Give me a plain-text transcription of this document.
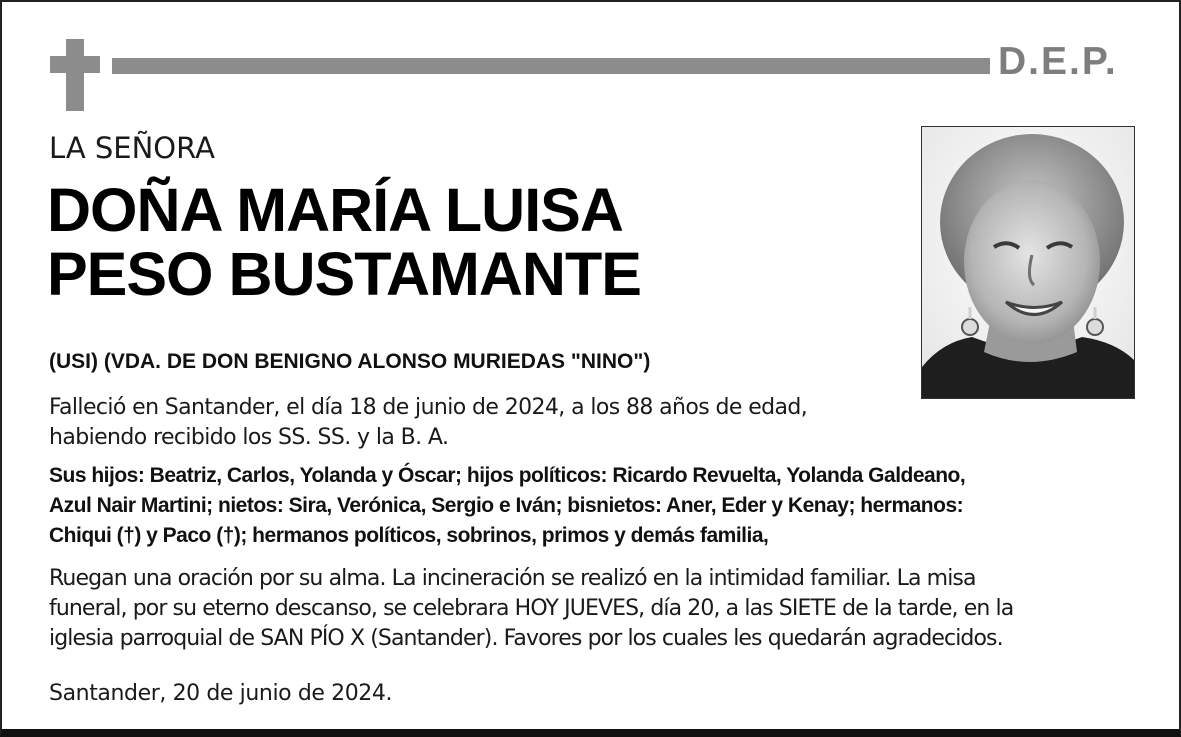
D.E.P.
LA SEÑORA
DOÑA MARÍA LUISA
PESO BUSTAMANTE
(USI) (VDA. DE DON BENIGNO ALONSO MURIEDAS "NINO")
Falleció en Santander, el día 18 de junio de 2024, a los 88 años de edad,
habiendo recibido los SS. SS. y la B. A.
Sus hijos: Beatriz, Carlos, Yolanda y Óscar; hijos políticos: Ricardo Revuelta, Yolanda Galdeano,
Azul Nair Martini; nietos: Sira, Verónica, Sergio e Iván; bisnietos: Aner, Eder y Kenay; hermanos:
Chiqui (†) y Paco (†); hermanos políticos, sobrinos, primos y demás familia,
Ruegan una oración por su alma. La incineración se realizó en la intimidad familiar. La misa
funeral, por su eterno descanso, se celebrara HOY JUEVES, día 20, a las SIETE de la tarde, en la
iglesia parroquial de SAN PÍO X (Santander). Favores por los cuales les quedarán agradecidos.
Santander, 20 de junio de 2024.
